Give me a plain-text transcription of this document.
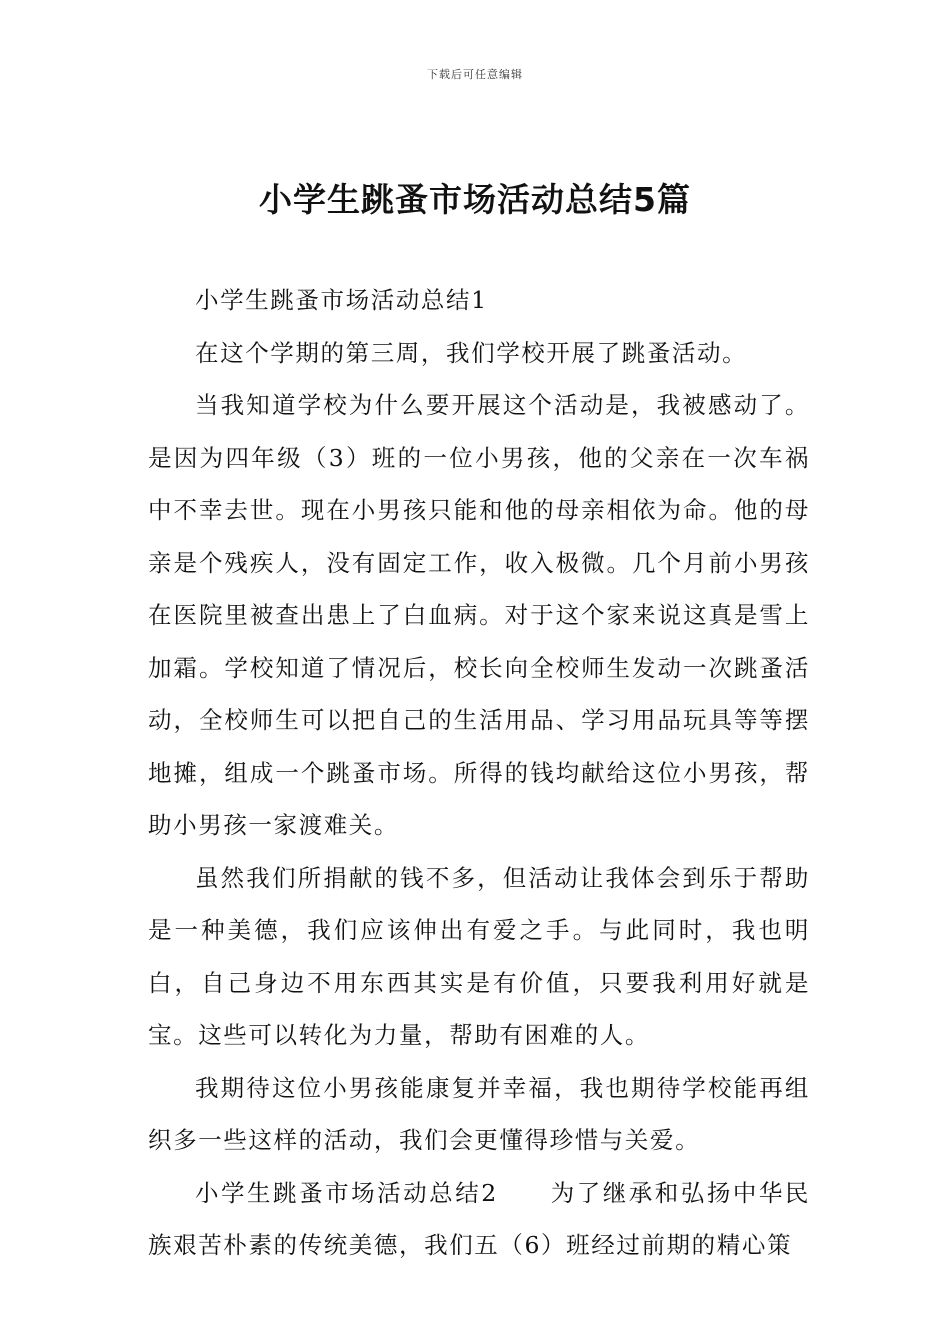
下载后可任意编辑
小学生跳蚤市场活动总结5篇

小学生跳蚤市场活动总结1

在这个学期的第三周，我们学校开展了跳蚤活动。

当我知道学校为什么要开展这个活动是，我被感动了。是因为四年级（3）班的一位小男孩，他的父亲在一次车祸中不幸去世。现在小男孩只能和他的母亲相依为命。他的母亲是个残疾人，没有固定工作，收入极微。几个月前小男孩在医院里被查出患上了白血病。对于这个家来说这真是雪上加霜。学校知道了情况后，校长向全校师生发动一次跳蚤活动，全校师生可以把自己的生活用品、学习用品玩具等等摆地摊，组成一个跳蚤市场。所得的钱均献给这位小男孩，帮助小男孩一家渡难关。

虽然我们所捐献的钱不多，但活动让我体会到乐于帮助是一种美德，我们应该伸出有爱之手。与此同时，我也明白，自己身边不用东西其实是有价值，只要我利用好就是宝。这些可以转化为力量，帮助有困难的人。

我期待这位小男孩能康复并幸福，我也期待学校能再组织多一些这样的活动，我们会更懂得珍惜与关爱。

小学生跳蚤市场活动总结2　　为了继承和弘扬中华民族艰苦朴素的传统美德，我们五（6）班经过前期的精心策
